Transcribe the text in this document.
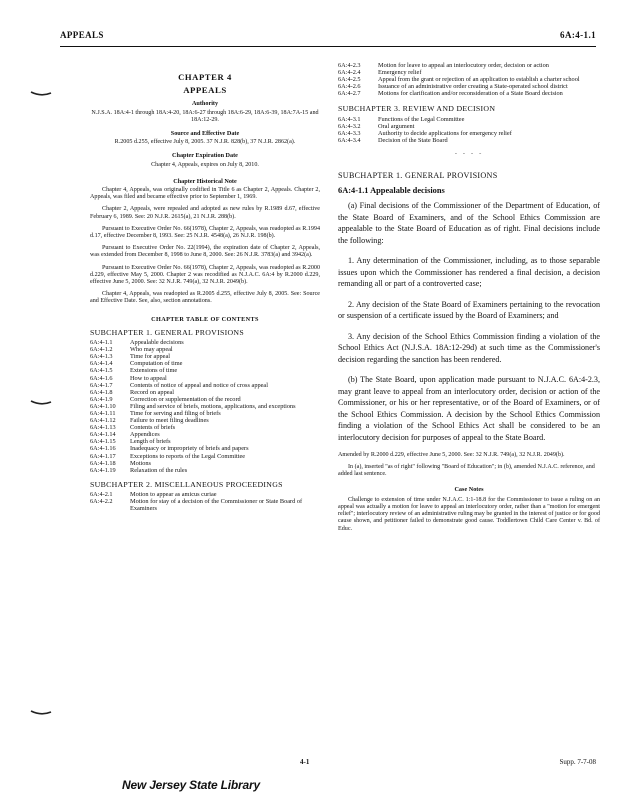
APPEALS	6A:4-1.1
CHAPTER 4
APPEALS
Authority
N.J.S.A. 18A:4-1 through 18A:4-20, 18A:6-27 through 18A:6-29, 18A:6-39, 18A:7A-15 and 18A:12-29.
Source and Effective Date
R.2005 d.255, effective July 8, 2005. 37 N.J.R. 828(b), 37 N.J.R. 2862(a).
Chapter Expiration Date
Chapter 4, Appeals, expires on July 8, 2010.
Chapter Historical Note

Chapter 4, Appeals, was originally codified in Title 6 as Chapter 2, Appeals. Chapter 2, Appeals, was filed and became effective prior to September 1, 1969.

Chapter 2, Appeals, were repealed and adopted as new rules by R.1989 d.67, effective February 6, 1989. See: 20 N.J.R. 2615(a), 21 N.J.R. 288(b).

Pursuant to Executive Order No. 66(1978), Chapter 2, Appeals, was readopted as R.1994 d.17, effective December 8, 1993. See: 25 N.J.R. 4548(a), 26 N.J.R. 198(b).

Pursuant to Executive Order No. 22(1994), the expiration date of Chapter 2, Appeals, was extended from December 8, 1998 to June 8, 2000. See: 26 N.J.R. 3783(a) and 3942(a).

Pursuant to Executive Order No. 66(1978), Chapter 2, Appeals, was readopted as R.2000 d.229, effective May 5, 2000. Chapter 2 was recodified as N.J.A.C. 6A:4 by R.2000 d.229, effective June 5, 2000. See: 32 N.J.R. 749(a), 32 N.J.R. 2049(b).

Chapter 4, Appeals, was readopted as R.2005 d.255, effective July 8, 2005. See: Source and Effective Date. See, also, section annotations.

CHAPTER TABLE OF CONTENTS
SUBCHAPTER 1. GENERAL PROVISIONS
6A:4-1.1	Appealable decisions
6A:4-1.2	Who may appeal
6A:4-1.3	Time for appeal
6A:4-1.4	Computation of time
6A:4-1.5	Extensions of time
6A:4-1.6	How to appeal
6A:4-1.7	Contents of notice of appeal and notice of cross appeal
6A:4-1.8	Record on appeal
6A:4-1.9	Correction or supplementation of the record
6A:4-1.10	Filing and service of briefs, motions, applications, and exceptions
6A:4-1.11	Time for serving and filing of briefs
6A:4-1.12	Failure to meet filing deadlines
6A:4-1.13	Contents of briefs
6A:4-1.14	Appendices
6A:4-1.15	Length of briefs
6A:4-1.16	Inadequacy or impropriety of briefs and papers
6A:4-1.17	Exceptions to reports of the Legal Committee
6A:4-1.18	Motions
6A:4-1.19	Relaxation of the rules
SUBCHAPTER 2. MISCELLANEOUS PROCEEDINGS
6A:4-2.1	Motion to appear as amicus curiae
6A:4-2.2	Motion for stay of a decision of the Commissioner or State Board of Examiners
6A:4-2.3	Motion for leave to appeal an interlocutory order, decision or action
6A:4-2.4	Emergency relief
6A:4-2.5	Appeal from the grant or rejection of an application to establish a charter school
6A:4-2.6	Issuance of an administrative order creating a State-operated school district
6A:4-2.7	Motions for clarification and/or reconsideration of a State Board decision
SUBCHAPTER 3. REVIEW AND DECISION
6A:4-3.1	Functions of the Legal Committee
6A:4-3.2	Oral argument
6A:4-3.3	Authority to decide applications for emergency relief
6A:4-3.4	Decision of the State Board
- - - -
SUBCHAPTER 1. GENERAL PROVISIONS
6A:4-1.1 Appealable decisions

(a) Final decisions of the Commissioner of the Department of Education, of the State Board of Examiners, and of the School Ethics Commission are appealable to the State Board of Education as of right. Final decisions include the following:

1. Any determination of the Commissioner, including, as to those separable issues upon which the Commissioner has rendered a final decision, a decision remanding all or part of a controverted case;

2. Any decision of the State Board of Examiners pertaining to the revocation or suspension of a certificate issued by the Board of Examiners; and

3. Any decision of the School Ethics Commission finding a violation of the School Ethics Act (N.J.S.A. 18A:12-29d) at such time as the Commissioner's decision regarding the sanction has been rendered.

(b) The State Board, upon application made pursuant to N.J.A.C. 6A:4-2.3, may grant leave to appeal from an interlocutory order, decision or action of the Commissioner, or his or her representative, or of the Board of Examiners, or of the School Ethics Commission. A decision by the School Ethics Commission finding a violation of the School Ethics Act shall be considered to be an interlocutory decision for purposes of appeal to the State Board.

Amended by R.2000 d.229, effective June 5, 2000. See: 32 N.J.R. 749(a), 32 N.J.R. 2049(b).

In (a), inserted "as of right" following "Board of Education"; in (b), amended N.J.A.C. reference, and added last sentence.

Case Notes

Challenge to extension of time under N.J.A.C. 1:1-18.8 for the Commissioner to issue a ruling on an appeal was actually a motion for leave to appeal an interlocutory order, rather than a "motion for emergent relief"; interlocutory review of an administrative ruling may be granted in the interest of justice or for good cause shown, and petitioner failed to demonstrate good cause. Toddlertown Child Care Center v. Bd. of Educ.

4-1	Supp. 7-7-08
New Jersey State Library
